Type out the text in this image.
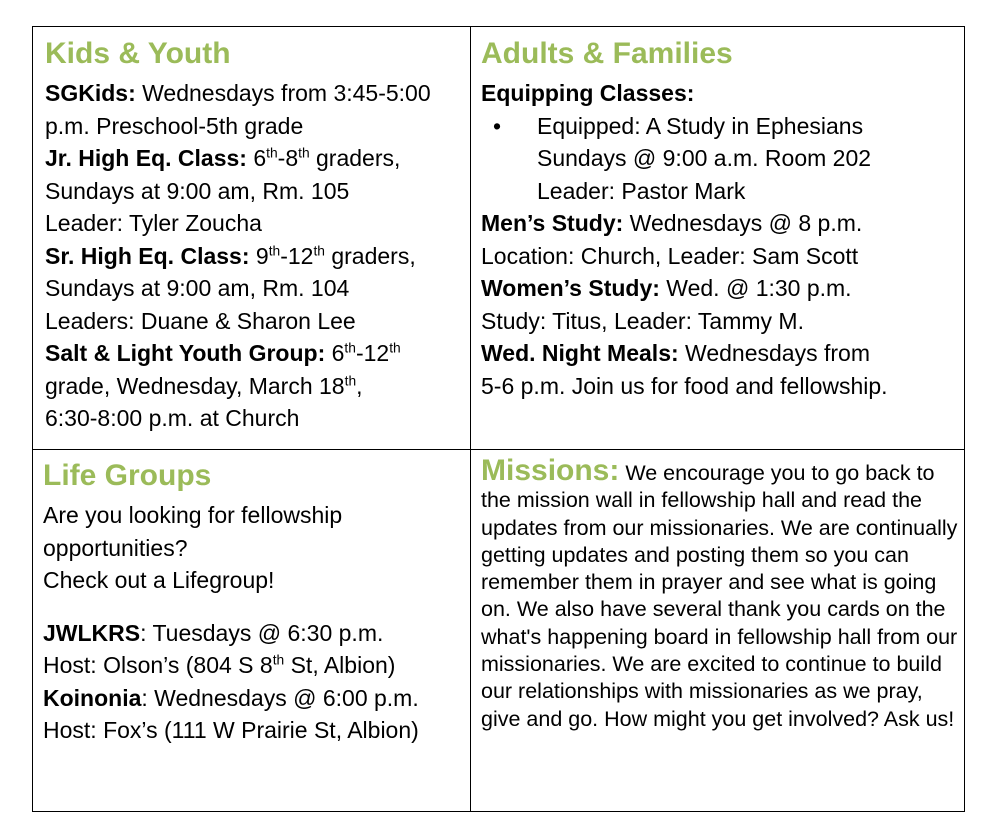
Kids & Youth

SGKids: Wednesdays from 3:45-5:00 p.m. Preschool-5th grade

Jr. High Eq. Class: 6th-8th graders,
Sundays at 9:00 am, Rm. 105
Leader: Tyler Zoucha

Sr. High Eq. Class: 9th-12th graders,
Sundays at 9:00 am, Rm. 104
Leaders: Duane & Sharon Lee

Salt & Light Youth Group: 6th-12th
grade, Wednesday, March 18th,
6:30-8:00 p.m. at Church

Adults & Families

Equipping Classes:

• Equipped: A Study in Ephesians
Sundays @ 9:00 a.m. Room 202
Leader: Pastor Mark

Men’s Study: Wednesdays @ 8 p.m.
Location: Church, Leader: Sam Scott

Women’s Study: Wed. @ 1:30 p.m.
Study: Titus, Leader: Tammy M.

Wed. Night Meals: Wednesdays from
5-6 p.m. Join us for food and fellowship.

Life Groups

Are you looking for fellowship opportunities?
Check out a Lifegroup!

JWLKRS: Tuesdays @ 6:30 p.m.
Host: Olson’s (804 S 8th St, Albion)

Koinonia: Wednesdays @ 6:00 p.m.
Host: Fox’s (111 W Prairie St, Albion)

Missions: We encourage you to go back to the mission wall in fellowship hall and read the updates from our missionaries. We are continually getting updates and posting them so you can remember them in prayer and see what is going on. We also have several thank you cards on the what's happening board in fellowship hall from our missionaries. We are excited to continue to build our relationships with missionaries as we pray, give and go. How might you get involved? Ask us!
